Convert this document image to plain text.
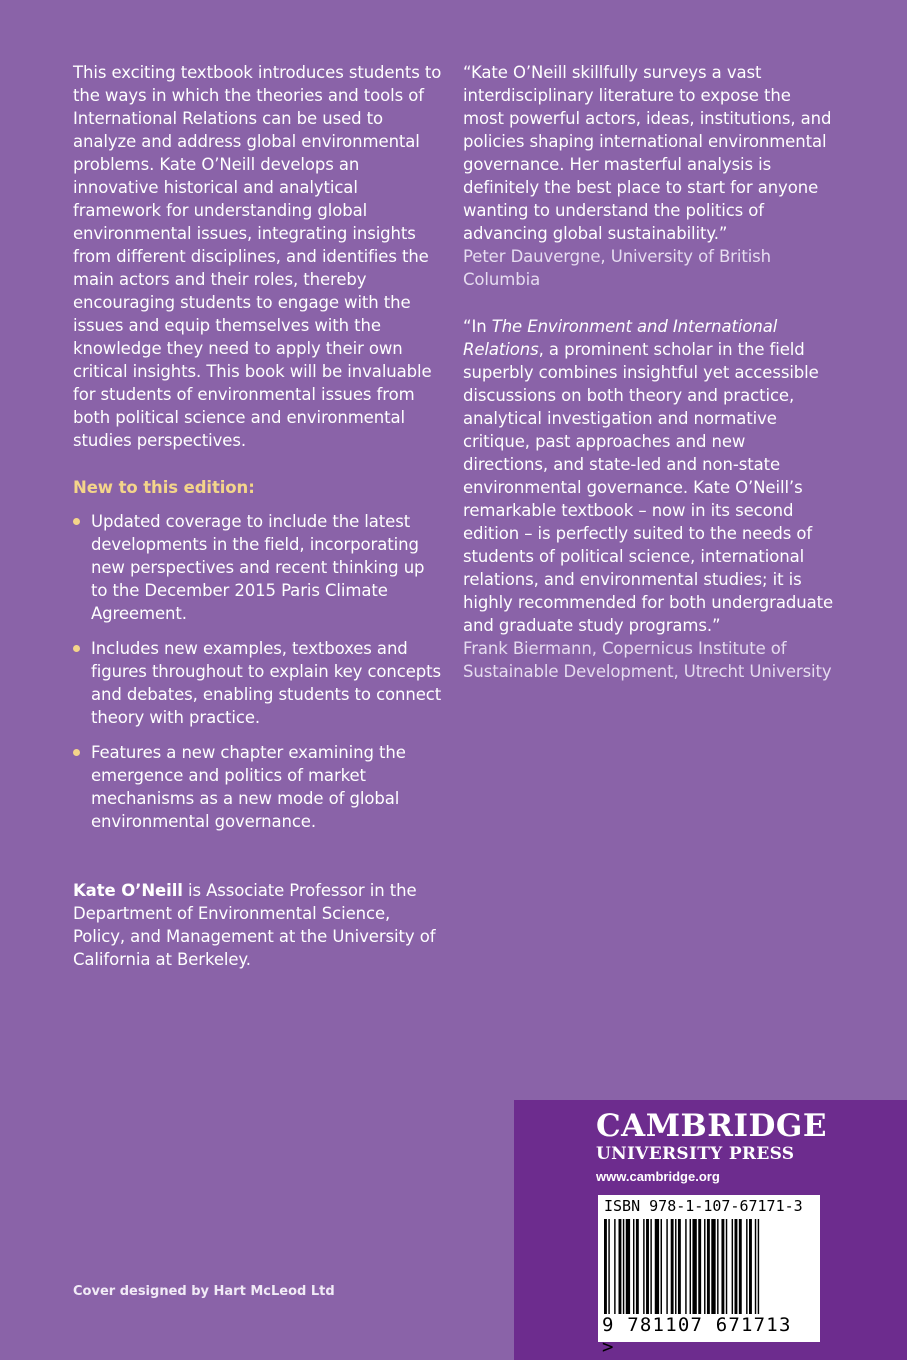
This exciting textbook introduces students to the ways in which the theories and tools of International Relations can be used to analyze and address global environmental problems. Kate O’Neill develops an innovative historical and analytical framework for understanding global environmental issues, integrating insights from different disciplines, and identifies the main actors and their roles, thereby encouraging students to engage with the issues and equip themselves with the knowledge they need to apply their own critical insights. This book will be invaluable for students of environmental issues from both political science and environmental studies perspectives.

New to this edition:

Updated coverage to include the latest developments in the field, incorporating new perspectives and recent thinking up to the December 2015 Paris Climate Agreement.
Includes new examples, textboxes and figures throughout to explain key concepts and debates, enabling students to connect theory with practice.
Features a new chapter examining the emergence and politics of market mechanisms as a new mode of global environmental governance.

Kate O’Neill is Associate Professor in the Department of Environmental Science, Policy, and Management at the University of California at Berkeley.

“Kate O’Neill skillfully surveys a vast interdisciplinary literature to expose the most powerful actors, ideas, institutions, and policies shaping international environmental governance. Her masterful analysis is definitely the best place to start for anyone wanting to understand the politics of advancing global sustainability.”

Peter Dauvergne, University of British Columbia

“In The Environment and International Relations, a prominent scholar in the field superbly combines insightful yet accessible discussions on both theory and practice, analytical investigation and normative critique, past approaches and new directions, and state-led and non-state environmental governance. Kate O’Neill’s remarkable textbook – now in its second edition – is perfectly suited to the needs of students of political science, international relations, and environmental studies; it is highly recommended for both undergraduate and graduate study programs.”

Frank Biermann, Copernicus Institute of Sustainable Development, Utrecht University

Cover designed by Hart McLeod Ltd
CAMBRIDGE
UNIVERSITY PRESS
www.cambridge.org
ISBN 978-1-107-67171-3
9 781107 671713 >
